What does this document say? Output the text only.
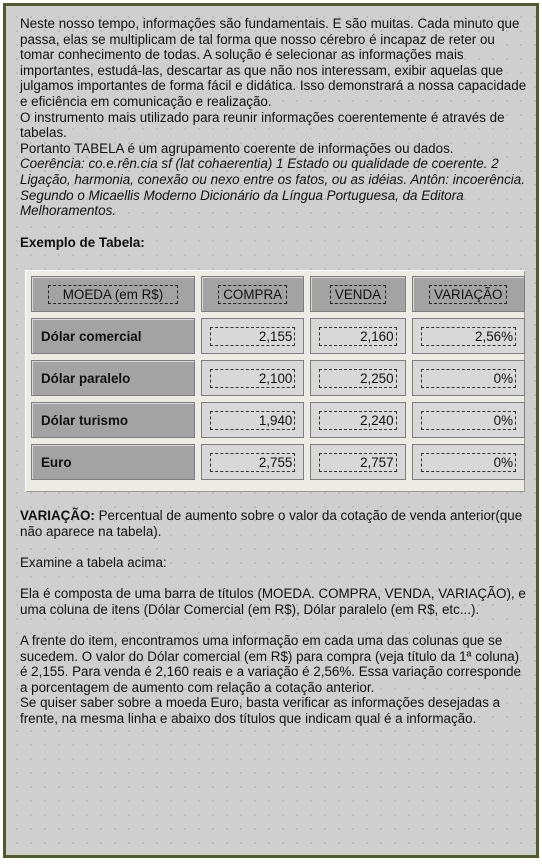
Neste nosso tempo, informações são fundamentais. E são muitas. Cada minuto que passa, elas se multiplicam de tal forma que nosso cérebro é incapaz de reter ou tomar conhecimento de todas. A solução é selecionar as informações mais importantes, estudá-las, descartar as que não nos interessam, exibir aquelas que julgamos importantes de forma fácil e didática. Isso demonstrará a nossa capacidade e eficiência em comunicação e realização.

O instrumento mais utilizado para reunir informações coerentemente é através de tabelas.

Portanto TABELA é um agrupamento coerente de informações ou dados.

Coerência: co.e.rên.cia sf (lat cohaerentia) 1 Estado ou qualidade de coerente. 2 Ligação, harmonia, conexão ou nexo entre os fatos, ou as idéias. Antôn: incoerência. Segundo o Micaellis Moderno Dicionário da Língua Portuguesa, da Editora Melhoramentos.

Exemplo de Tabela:

MOEDA (em R$)	COMPRA	VENDA	VARIAÇÃO
Dólar comercial	2,155	2,160	2,56%

Dólar paralelo	2,100	2,250	0%

Dólar turismo	1,940	2,240	0%

Euro	2,755	2,757	0%

VARIAÇÃO: Percentual de aumento sobre o valor da cotação de venda anterior(que não aparece na tabela).

Examine a tabela acima:

Ela é composta de uma barra de títulos (MOEDA. COMPRA, VENDA, VARIAÇÃO), e uma coluna de itens (Dólar Comercial (em R$), Dólar paralelo (em R$, etc...).

A frente do item, encontramos uma informação em cada uma das colunas que se sucedem. O valor do Dólar comercial (em R$) para compra (veja título da 1ª coluna) é 2,155. Para venda é 2,160 reais e a variação é 2,56%. Essa variação corresponde a porcentagem de aumento com relação a cotação anterior.

Se quiser saber sobre a moeda Euro, basta verificar as informações desejadas a frente, na mesma linha e abaixo dos títulos que indicam qual é a informação.
